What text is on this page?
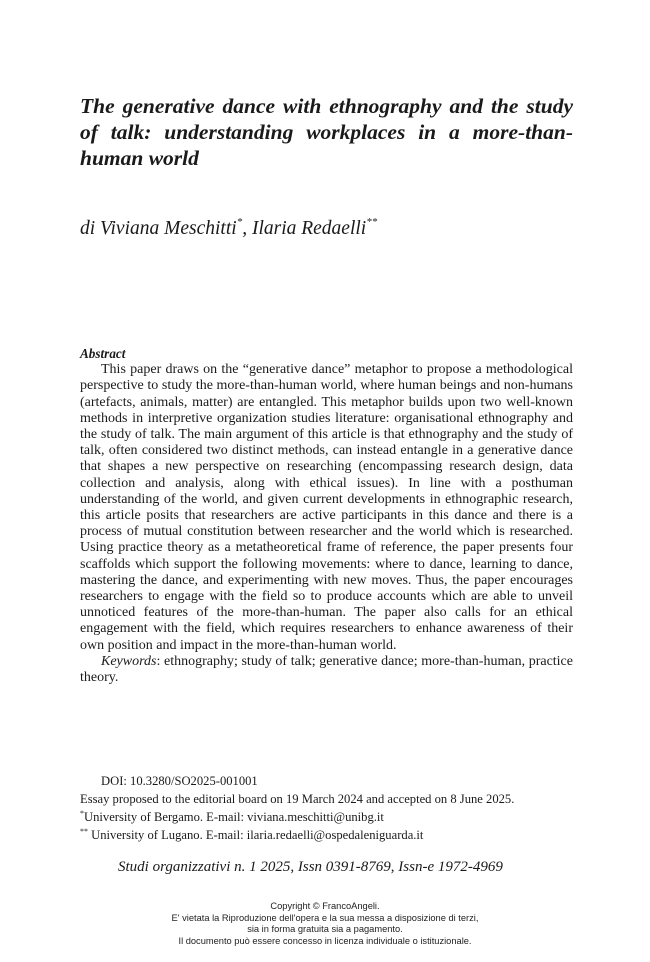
The generative dance with ethnography and the study of talk: understanding workplaces in a more-than-human world
di Viviana Meschitti*, Ilaria Redaelli**
Abstract

This paper draws on the “generative dance” metaphor to propose a methodological perspective to study the more-than-human world, where human beings and non-humans (artefacts, animals, matter) are entangled. This metaphor builds upon two well-known methods in interpretive organization studies literature: organisational ethnography and the study of talk. The main argument of this article is that ethnography and the study of talk, often considered two distinct methods, can instead entangle in a generative dance that shapes a new perspective on researching (encompassing research design, data collection and analysis, along with ethical issues). In line with a posthuman understanding of the world, and given current developments in ethnographic research, this article posits that researchers are active participants in this dance and there is a process of mutual constitution between researcher and the world which is researched. Using practice theory as a metatheoretical frame of reference, the paper presents four scaffolds which support the following movements: where to dance, learning to dance, mastering the dance, and experimenting with new moves. Thus, the paper encourages researchers to engage with the field so to produce accounts which are able to unveil unnoticed features of the more-than-human. The paper also calls for an ethical engagement with the field, which requires researchers to enhance awareness of their own position and impact in the more-than-human world.

Keywords: ethnography; study of talk; generative dance; more-than-human, practice theory.

DOI: 10.3280/SO2025-001001

Essay proposed to the editorial board on 19 March 2024 and accepted on 8 June 2025.

*University of Bergamo. E-mail: viviana.meschitti@unibg.it

** University of Lugano. E-mail: ilaria.redaelli@ospedaleniguarda.it

Studi organizzativi n. 1 2025, Issn 0391-8769, Issn-e 1972-4969

Copyright © FrancoAngeli.

E' vietata la Riproduzione dell'opera e la sua messa a disposizione di terzi,

sia in forma gratuita sia a pagamento.

Il documento può essere concesso in licenza individuale o istituzionale.
